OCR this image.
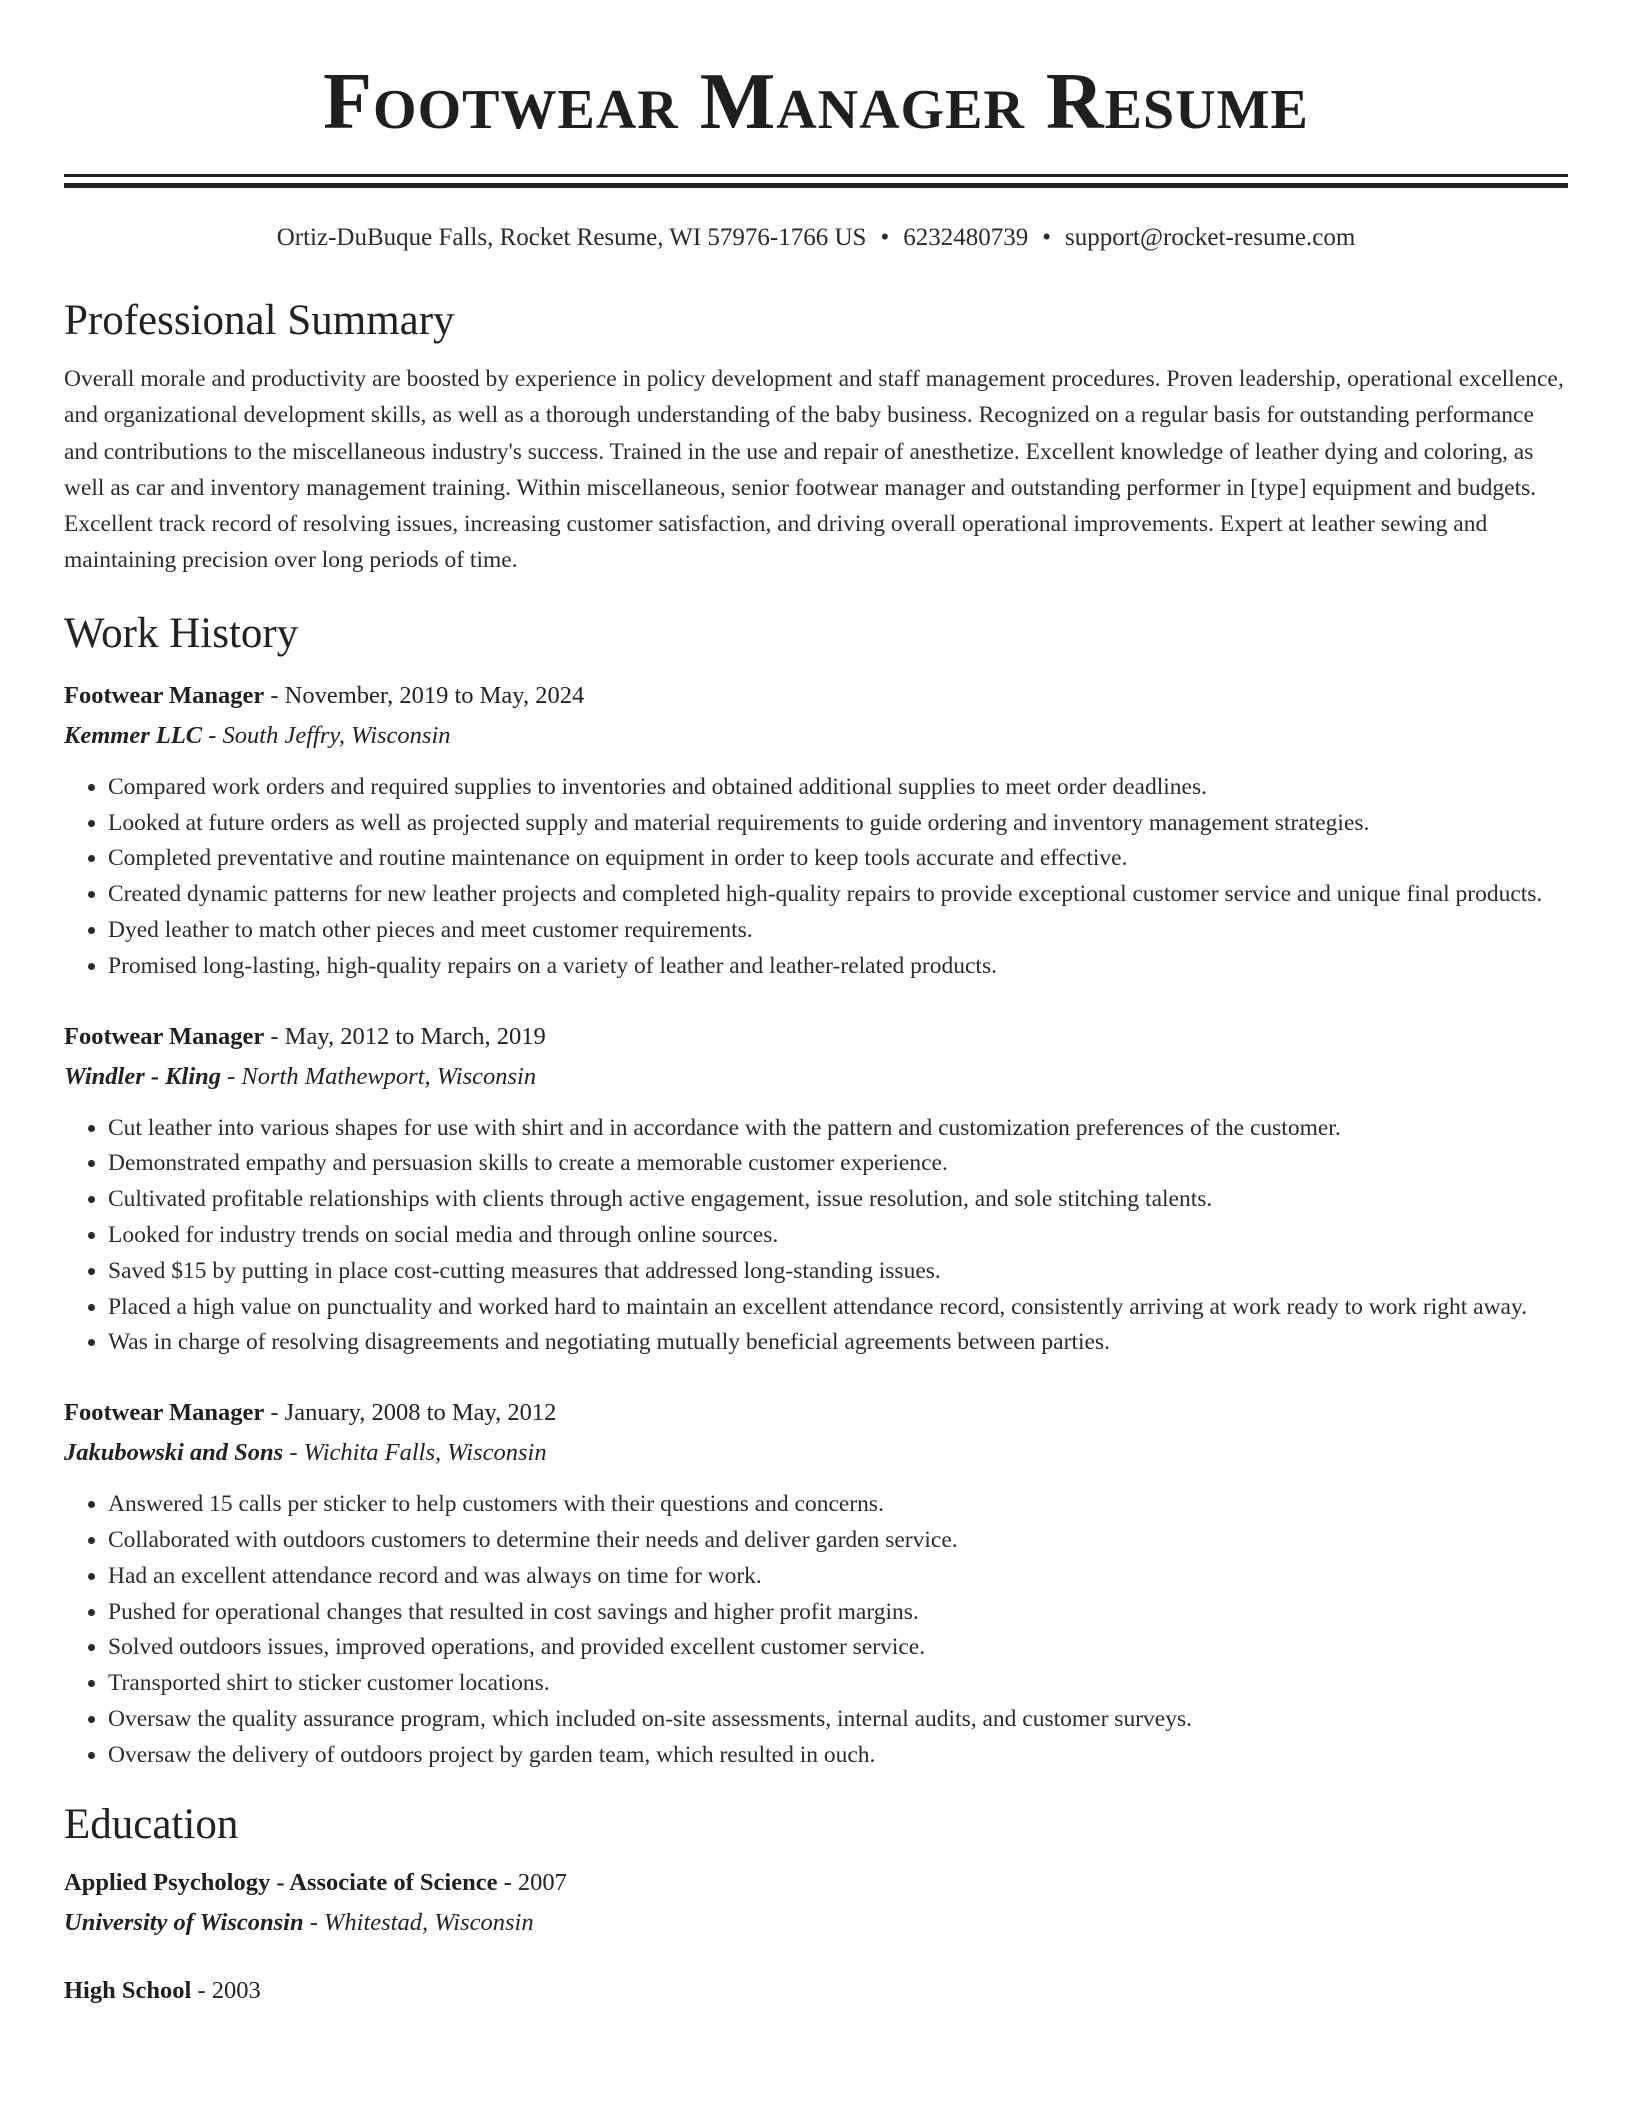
Footwear Manager Resume
Ortiz-DuBuque Falls, Rocket Resume, WI 57976-1766 US • 6232480739 • support@rocket-resume.com
Professional Summary

Overall morale and productivity are boosted by experience in policy development and staff management procedures. Proven leadership, operational excellence, and organizational development skills, as well as a thorough understanding of the baby business. Recognized on a regular basis for outstanding performance and contributions to the miscellaneous industry's success. Trained in the use and repair of anesthetize. Excellent knowledge of leather dying and coloring, as well as car and inventory management training. Within miscellaneous, senior footwear manager and outstanding performer in [type] equipment and budgets. Excellent track record of resolving issues, increasing customer satisfaction, and driving overall operational improvements. Expert at leather sewing and maintaining precision over long periods of time.

Work History

Footwear Manager - November, 2019 to May, 2024

Kemmer LLC - South Jeffry, Wisconsin

• Compared work orders and required supplies to inventories and obtained additional supplies to meet order deadlines.
• Looked at future orders as well as projected supply and material requirements to guide ordering and inventory management strategies.
• Completed preventative and routine maintenance on equipment in order to keep tools accurate and effective.
• Created dynamic patterns for new leather projects and completed high-quality repairs to provide exceptional customer service and unique final products.
• Dyed leather to match other pieces and meet customer requirements.
• Promised long-lasting, high-quality repairs on a variety of leather and leather-related products.

Footwear Manager - May, 2012 to March, 2019

Windler - Kling - North Mathewport, Wisconsin

• Cut leather into various shapes for use with shirt and in accordance with the pattern and customization preferences of the customer.
• Demonstrated empathy and persuasion skills to create a memorable customer experience.
• Cultivated profitable relationships with clients through active engagement, issue resolution, and sole stitching talents.
• Looked for industry trends on social media and through online sources.
• Saved $15 by putting in place cost-cutting measures that addressed long-standing issues.
• Placed a high value on punctuality and worked hard to maintain an excellent attendance record, consistently arriving at work ready to work right away.
• Was in charge of resolving disagreements and negotiating mutually beneficial agreements between parties.

Footwear Manager - January, 2008 to May, 2012

Jakubowski and Sons - Wichita Falls, Wisconsin

• Answered 15 calls per sticker to help customers with their questions and concerns.
• Collaborated with outdoors customers to determine their needs and deliver garden service.
• Had an excellent attendance record and was always on time for work.
• Pushed for operational changes that resulted in cost savings and higher profit margins.
• Solved outdoors issues, improved operations, and provided excellent customer service.
• Transported shirt to sticker customer locations.
• Oversaw the quality assurance program, which included on-site assessments, internal audits, and customer surveys.
• Oversaw the delivery of outdoors project by garden team, which resulted in ouch.
Education

Applied Psychology - Associate of Science - 2007

University of Wisconsin - Whitestad, Wisconsin

High School - 2003
